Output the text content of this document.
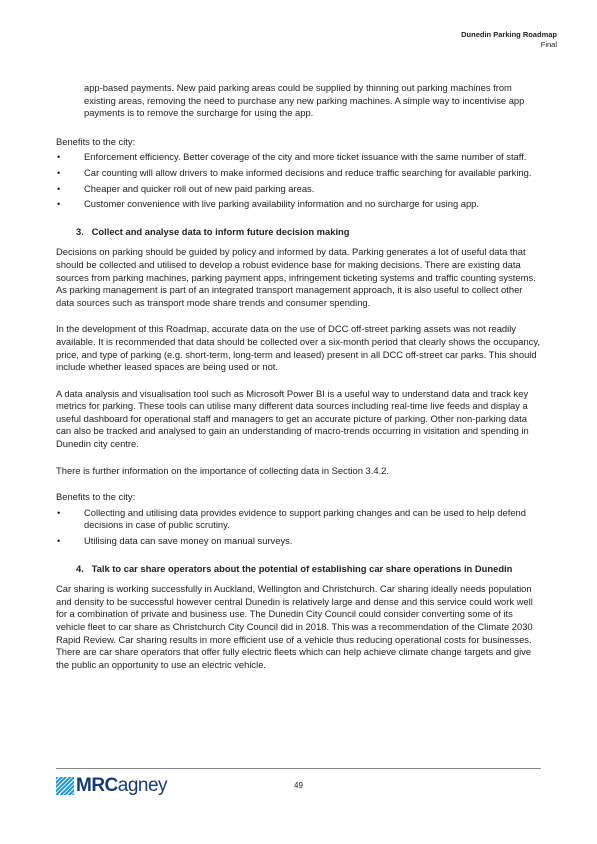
Dunedin Parking Roadmap
Final

app-based payments. New paid parking areas could be supplied by thinning out parking machines from existing areas, removing the need to purchase any new parking machines. A simple way to incentivise app payments is to remove the surcharge for using the app.

Benefits to the city:

•	Enforcement efficiency. Better coverage of the city and more ticket issuance with the same number of staff.
•	Car counting will allow drivers to make informed decisions and reduce traffic searching for available parking.
•	Cheaper and quicker roll out of new paid parking areas.
•	Customer convenience with live parking availability information and no surcharge for using app.
3.   Collect and analyse data to inform future decision making

Decisions on parking should be guided by policy and informed by data. Parking generates a lot of useful data that should be collected and utilised to develop a robust evidence base for making decisions. There are existing data sources from parking machines, parking payment apps, infringement ticketing systems and traffic counting systems. As parking management is part of an integrated transport management approach, it is also useful to collect other data sources such as transport mode share trends and consumer spending.

In the development of this Roadmap, accurate data on the use of DCC off-street parking assets was not readily available. It is recommended that data should be collected over a six-month period that clearly shows the occupancy, price, and type of parking (e.g. short-term, long-term and leased) present in all DCC off-street car parks. This should include whether leased spaces are being used or not.

A data analysis and visualisation tool such as Microsoft Power BI is a useful way to understand data and track key metrics for parking. These tools can utilise many different data sources including real-time live feeds and display a useful dashboard for operational staff and managers to get an accurate picture of parking. Other non-parking data can also be tracked and analysed to gain an understanding of macro-trends occurring in visitation and spending in Dunedin city centre.

There is further information on the importance of collecting data in Section 3.4.2.

Benefits to the city:

•	Collecting and utilising data provides evidence to support parking changes and can be used to help defend decisions in case of public scrutiny.
•	Utilising data can save money on manual surveys.
4.   Talk to car share operators about the potential of establishing car share operations in Dunedin

Car sharing is working successfully in Auckland, Wellington and Christchurch. Car sharing ideally needs population and density to be successful however central Dunedin is relatively large and dense and this service could work well for a combination of private and business use. The Dunedin City Council could consider converting some of its vehicle fleet to car share as Christchurch City Council did in 2018. This was a recommendation of the Climate 2030 Rapid Review. Car sharing results in more efficient use of a vehicle thus reducing operational costs for businesses. There are car share operators that offer fully electric fleets which can help achieve climate change targets and give the public an opportunity to use an electric vehicle.

MRCagney	49
